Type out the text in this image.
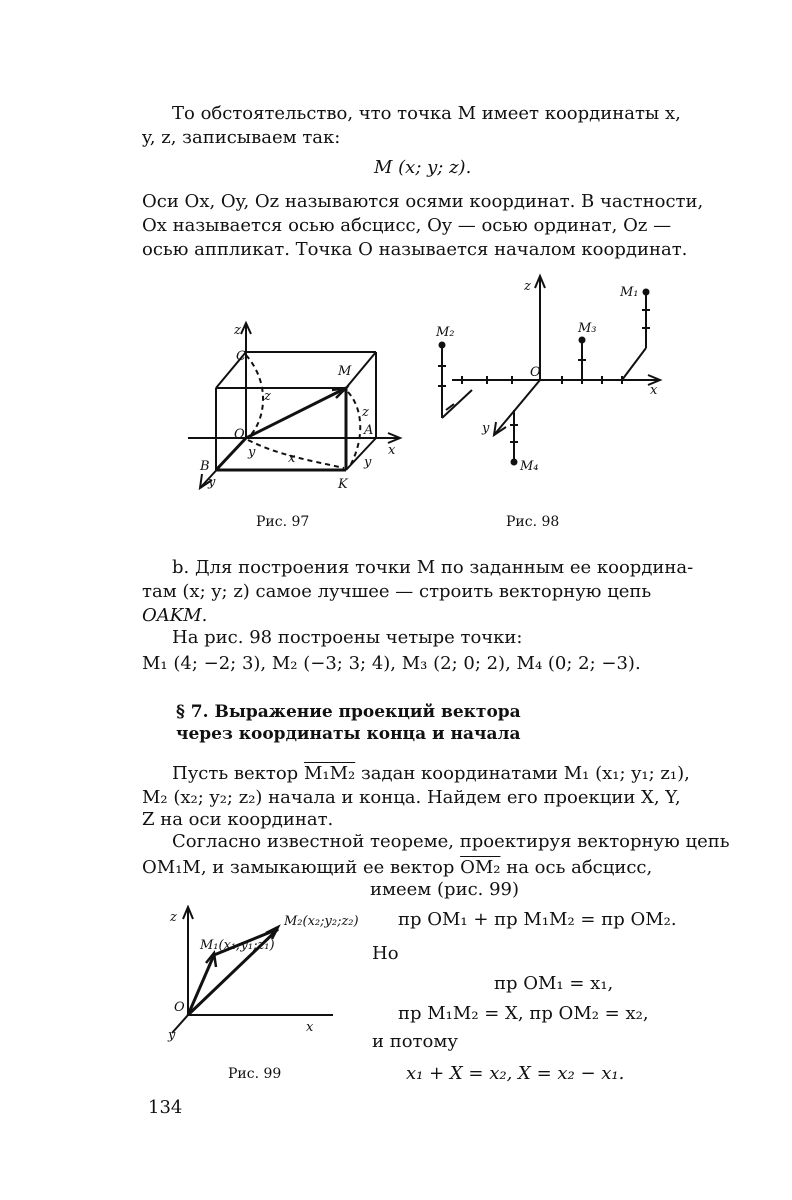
То обстоятельство, что точка M имеет координаты x,
y, z, записываем так:
M (x; y; z).
Оси Ox, Oy, Oz называются осями координат. В частности,
Ox называется осью абсцисс, Oy — осью ординат, Oz —
осью аппликат. Точка O называется началом координат.
z
C
M
z
z
O
y	x
A
x
B
y	K
y
Рис. 97
z	M₁
M₂	M₃
O
x
y
M₄
Рис. 98
b. Для построения точки M по заданным ее координа-
там (x; y; z) самое лучшее — строить векторную цепь
OAKM.
На рис. 98 построены четыре точки:
M₁ (4; −2; 3), M₂ (−3; 3; 4), M₃ (2; 0; 2), M₄ (0; 2; −3).
§ 7. Выражение проекций вектора
через координаты конца и начала
Пусть вектор M₁M₂ задан координатами M₁ (x₁; y₁; z₁),
M₂ (x₂; y₂; z₂) начала и конца. Найдем его проекции X, Y,
Z на оси координат.
Согласно известной теореме, проектируя векторную цепь
OM₁M, и замыкающий ее вектор OM₂ на ось абсцисс,
имеем (рис. 99)
z	M₂(x₂;y₂;z₂)
M₁(x₁;y₁;z₁)
O
y
x
Рис. 99
пр OM₁ + пр M₁M₂ = пр OM₂.
Но
пр OM₁ = x₁,
пр M₁M₂ = X, пр OM₂ = x₂,
и потому
x₁ + X = x₂, X = x₂ − x₁.
134
